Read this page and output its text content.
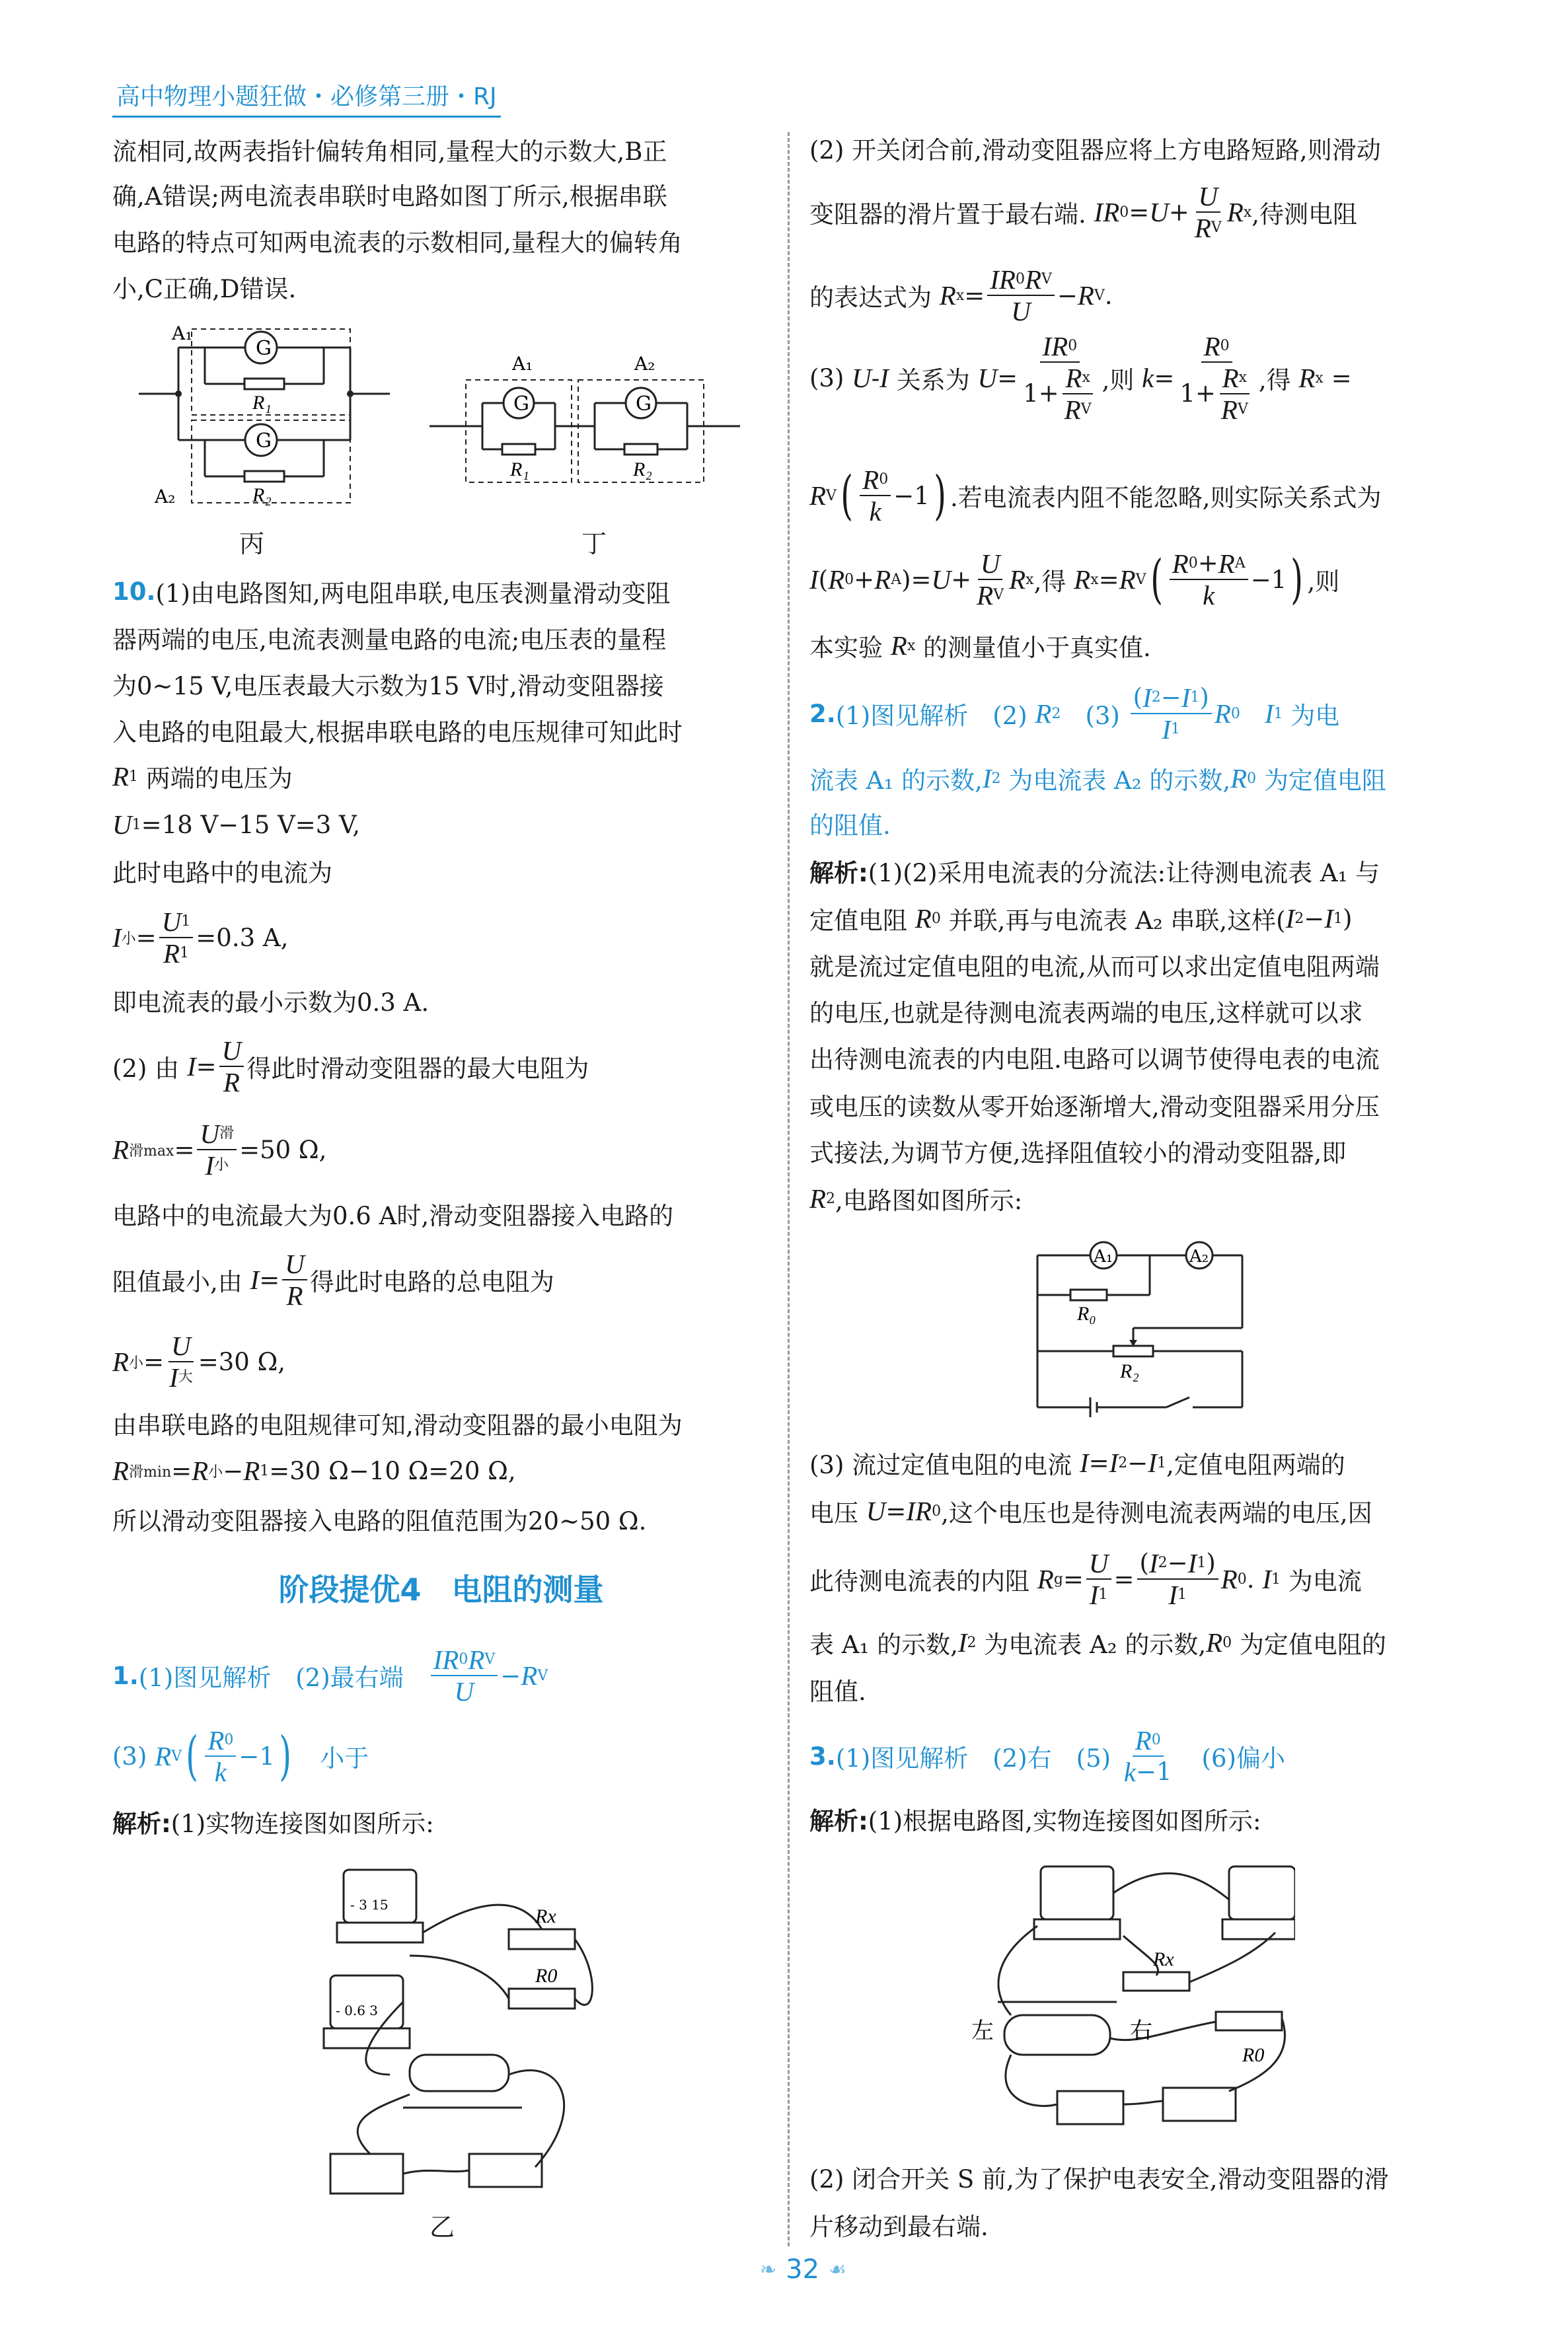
高中物理小题狂做・必修第三册・RJ
流相同,故两表指针偏转角相同,量程大的示数大,B正
确,A错误;两电流表串联时电路如图丁所示,根据串联
电路的特点可知两电流表的示数相同,量程大的偏转角
小,C正确,D错误.
10. (1)由电路图知,两电阻串联,电压表测量滑动变阻
器两端的电压,电流表测量电路的电流;电压表的量程
为0~15 V,电压表最大示数为15 V时,滑动变阻器接
入电路的电阻最大,根据串联电路的电压规律可知此时
R 1 两端的电压为
U 1 =18 V−15 V=3 V,
此时电路中的电流为
I 小 = $\frac{U 1}{R 1} =0.3$ A,
即电流表的最小示数为0.3 A.
(2) 由 $I = \frac{U}{R}$ 得此时滑动变阻器的最大电阻为
R 滑$\max = \frac{\text{U 滑}}{\text{I 小}} =50$ Ω,
电路中的电流最大为0.6 A时,滑动变阻器接入电路的
阻值最小,由 $I = \frac{U}{R}$ 得此时电路的总电阻为
R 小 = $\frac{U}{\text{I 大}} =30$ Ω,
由串联电路的电阻规律可知,滑动变阻器的最小电阻为
R 滑min = R 小 − R 1 =30 Ω−10 Ω=20 Ω,
所以滑动变阻器接入电路的阻值范围为20~50 Ω.
1. (1)图见解析　(2)最右端　 $\frac{\text{I R 0 R V}}{U} - R$ V
(3) R V ( $\frac{R 0}{k} -1$ ) 　小于
解析: (1)实物连接图如图所示:
(2) 开关闭合前,滑动变阻器应将上方电路短路,则滑动
变阻器的滑片置于最右端. I R $0 = U + \frac{U}{\text{R V}}$ R x ,待测电阻
的表达式为 R $x = \frac{\text{I R 0 R V}}{U} - R$ V .
(3) U - I 关系为 $U = \frac{\text{I R 0}}{1+ \frac{\text{R x}}{\text{R V}}}$ ,则 $k = \frac{R 0}{1+ \frac{\text{R x}}{\text{R V}}}$ ,得 R x =
R V ( $\frac{R 0}{k} -1$ ) .若电流表内阻不能忽略,则实际关系式为
I ( R 0 + R A )= $U + \frac{U}{\text{R V}}$ R x ,得 R x = R V ( $\frac{\text{R 0 + R A}}{k} -1$ ) ,则
本实验 R x 的测量值小于真实值.
2. (1)图见解析　(2) R 2 　$(3) \frac{( I 2 - I 1 )}{I 1}$ R 0
　 I 1 为电
流表 A₁ 的示数, I 2 为电流表 A₂ 的示数, R 0 为定值电阻
的阻值.
解析: (1)(2)采用电流表的分流法:让待测电流表 A₁ 与
定值电阻 R 0 并联,再与电流表 A₂ 串联,这样( I 2 − I 1 )
就是流过定值电阻的电流,从而可以求出定值电阻两端
的电压,也就是待测电流表两端的电压,这样就可以求
出待测电流表的内电阻.电路可以调节使得电表的电流
或电压的读数从零开始逐渐增大,滑动变阻器采用分压
式接法,为调节方便,选择阻值较小的滑动变阻器,即
R 2 ,电路图如图所示:
(3) 流过定值电阻的电流 I = I 2 − I 1 ,定值电阻两端的
电压 U = I R 0 ,这个电压也是待测电流表两端的电压,因
此待测电流表的内阻 R $g = \frac{U}{I 1} = \frac{( I 2 - I 1 )}{I 1}$ R 0 . I 1 为电流
表 A₁ 的示数, I 2 为电流表 A₂ 的示数, R 0 为定值电阻的
阻值.
3. (1)图见解析　(2)右　$(5) \frac{R 0}{k -1}$ 　(6)偏小
解析: (1)根据电路图,实物连接图如图所示:
(2) 闭合开关 S 前,为了保护电表安全,滑动变阻器的滑
片移动到最右端.
阶段提优4　电阻的测量
G
G
A₁
A₂
R₁
R₂
丙
G	G
A₁	A₂
R₁	R₂
丁
- 3 15
- 0.6 3
Rx
R0
乙
A₁	A₂
R₀
R₂
左	右
Rx
R0
❧ 32 ☙
